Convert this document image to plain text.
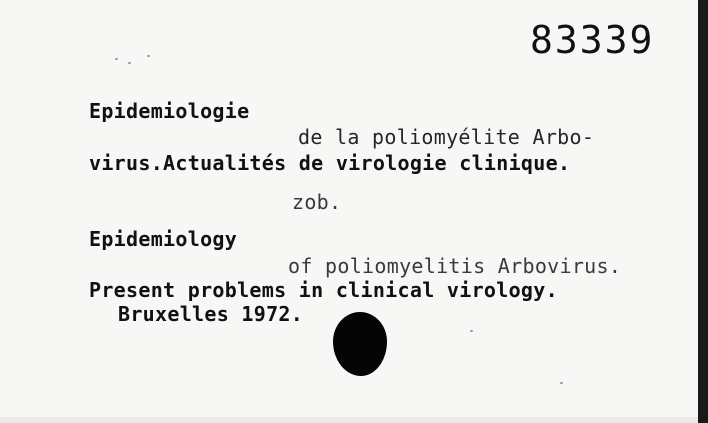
83339
Epidemiologie
de la poliomyélite Arbo-
virus.Actualités de virologie clinique.
zob.
Epidemiology
of poliomyelitis Arbovirus.
Present problems in clinical virology.
Bruxelles 1972.
